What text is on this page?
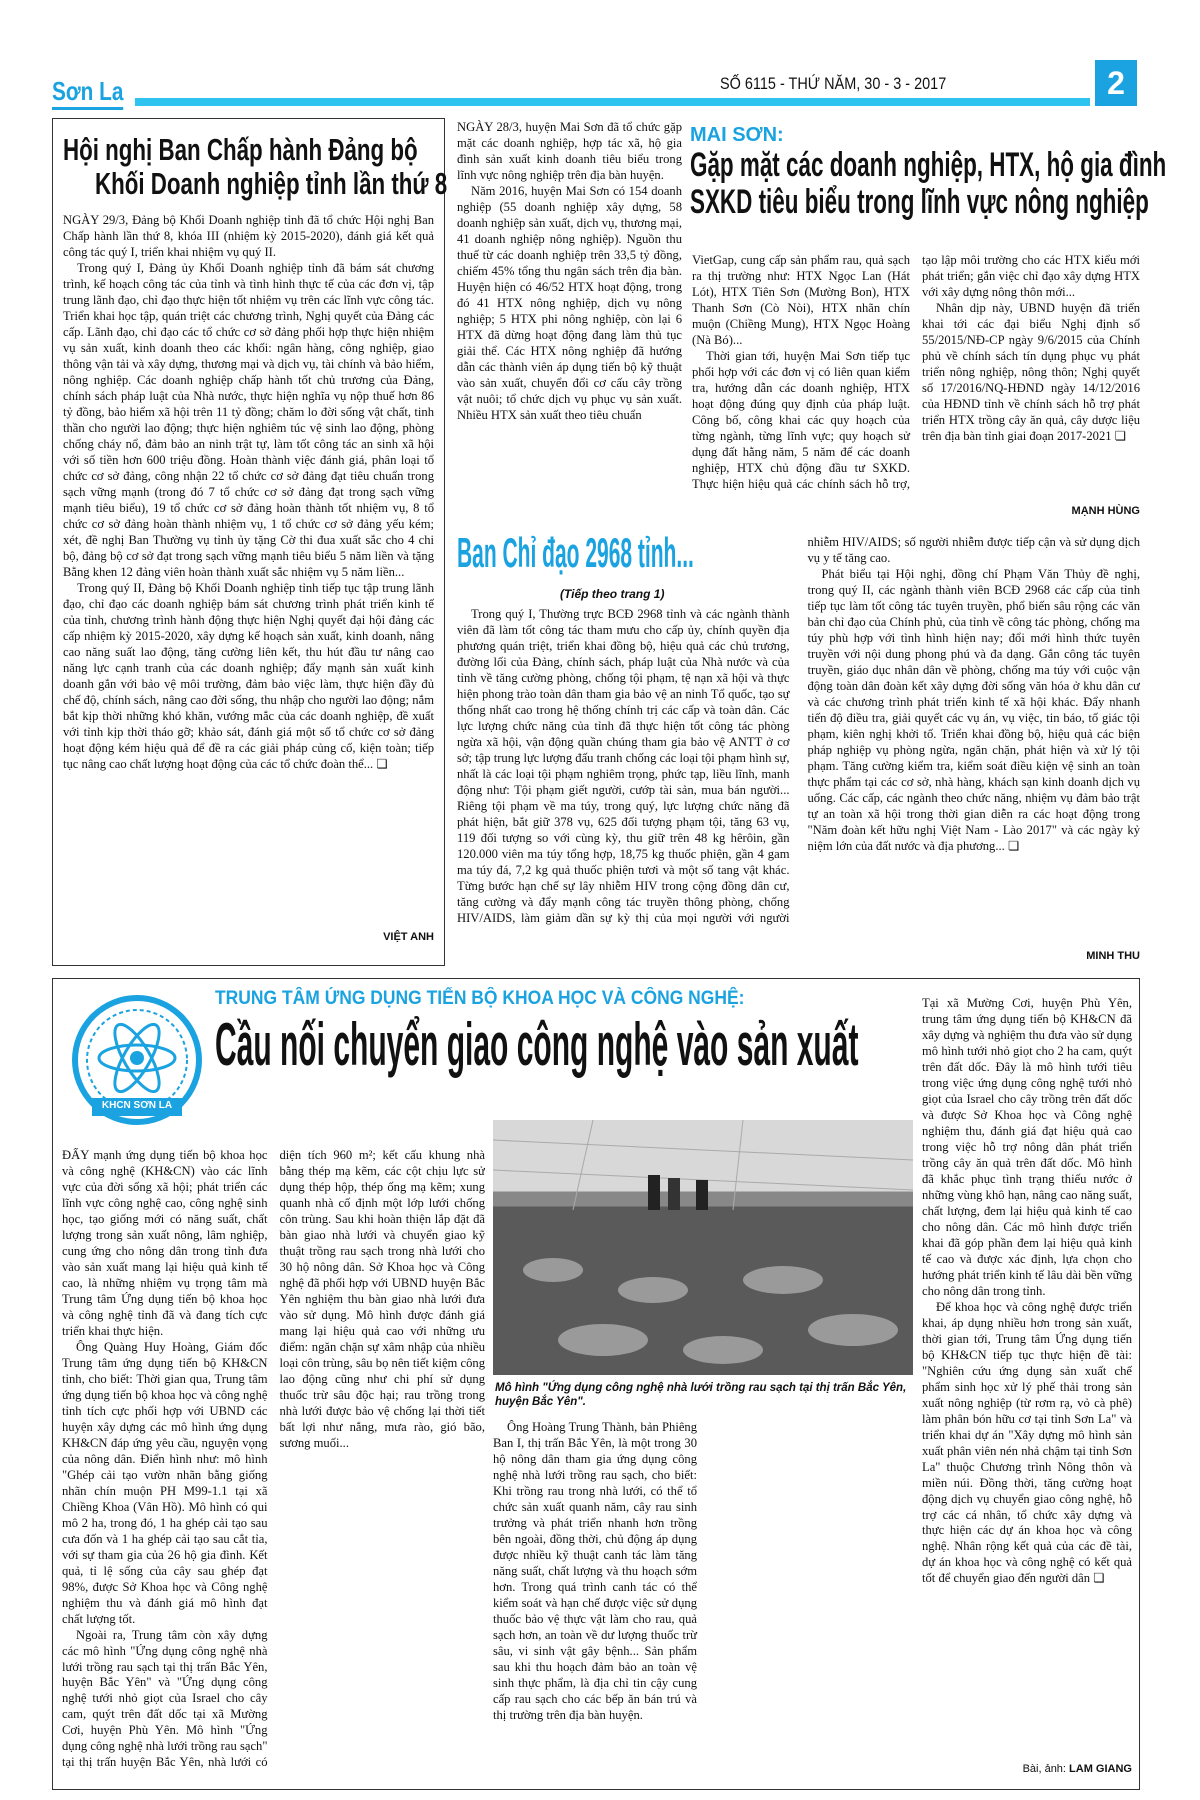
Sơn La	SỐ 6115 - THỨ NĂM, 30 - 3 - 2017	2
Hội nghị Ban Chấp hành Đảng bộ
Khối Doanh nghiệp tỉnh lần thứ 8

NGÀY 29/3, Đảng bộ Khối Doanh nghiệp tỉnh đã tổ chức Hội nghị Ban Chấp hành lần thứ 8, khóa III (nhiệm kỳ 2015-2020), đánh giá kết quả công tác quý I, triển khai nhiệm vụ quý II.

Trong quý I, Đảng ủy Khối Doanh nghiệp tỉnh đã bám sát chương trình, kế hoạch công tác của tỉnh và tình hình thực tế của các đơn vị, tập trung lãnh đạo, chỉ đạo thực hiện tốt nhiệm vụ trên các lĩnh vực công tác. Triển khai học tập, quán triệt các chương trình, Nghị quyết của Đảng các cấp. Lãnh đạo, chỉ đạo các tổ chức cơ sở đảng phối hợp thực hiện nhiệm vụ sản xuất, kinh doanh theo các khối: ngân hàng, công nghiệp, giao thông vận tải và xây dựng, thương mại và dịch vụ, tài chính và bảo hiểm, nông nghiệp. Các doanh nghiệp chấp hành tốt chủ trương của Đảng, chính sách pháp luật của Nhà nước, thực hiện nghĩa vụ nộp thuế hơn 86 tỷ đồng, bảo hiểm xã hội trên 11 tỷ đồng; chăm lo đời sống vật chất, tinh thần cho người lao động; thực hiện nghiêm túc vệ sinh lao động, phòng chống cháy nổ, đảm bảo an ninh trật tự, làm tốt công tác an sinh xã hội với số tiền hơn 600 triệu đồng. Hoàn thành việc đánh giá, phân loại tổ chức cơ sở đảng, công nhận 22 tổ chức cơ sở đảng đạt tiêu chuẩn trong sạch vững mạnh (trong đó 7 tổ chức cơ sở đảng đạt trong sạch vững mạnh tiêu biểu), 19 tổ chức cơ sở đảng hoàn thành tốt nhiệm vụ, 8 tổ chức cơ sở đảng hoàn thành nhiệm vụ, 1 tổ chức cơ sở đảng yếu kém; xét, đề nghị Ban Thường vụ tỉnh ủy tặng Cờ thi đua xuất sắc cho 4 chi bộ, đảng bộ cơ sở đạt trong sạch vững mạnh tiêu biểu 5 năm liền và tặng Bằng khen 12 đảng viên hoàn thành xuất sắc nhiệm vụ 5 năm liền...

Trong quý II, Đảng bộ Khối Doanh nghiệp tỉnh tiếp tục tập trung lãnh đạo, chỉ đạo các doanh nghiệp bám sát chương trình phát triển kinh tế của tỉnh, chương trình hành động thực hiện Nghị quyết đại hội đảng các cấp nhiệm kỳ 2015-2020, xây dựng kế hoạch sản xuất, kinh doanh, nâng cao năng suất lao động, tăng cường liên kết, thu hút đầu tư nâng cao năng lực cạnh tranh của các doanh nghiệp; đẩy mạnh sản xuất kinh doanh gắn với bảo vệ môi trường, đảm bảo việc làm, thực hiện đầy đủ chế độ, chính sách, nâng cao đời sống, thu nhập cho người lao động; nắm bắt kịp thời những khó khăn, vướng mắc của các doanh nghiệp, đề xuất với tỉnh kịp thời tháo gỡ; khảo sát, đánh giá một số tổ chức cơ sở đảng hoạt động kém hiệu quả để đề ra các giải pháp củng cố, kiện toàn; tiếp tục nâng cao chất lượng hoạt động của các tổ chức đoàn thể... ❏

VIỆT ANH

NGÀY 28/3, huyện Mai Sơn đã tổ chức gặp mặt các doanh nghiệp, hợp tác xã, hộ gia đình sản xuất kinh doanh tiêu biểu trong lĩnh vực nông nghiệp trên địa bàn huyện.

Năm 2016, huyện Mai Sơn có 154 doanh nghiệp (55 doanh nghiệp xây dựng, 58 doanh nghiệp sản xuất, dịch vụ, thương mại, 41 doanh nghiệp nông nghiệp). Nguồn thu thuế từ các doanh nghiệp trên 33,5 tỷ đồng, chiếm 45% tổng thu ngân sách trên địa bàn. Huyện hiện có 46/52 HTX hoạt động, trong đó 41 HTX nông nghiệp, dịch vụ nông nghiệp; 5 HTX phi nông nghiệp, còn lại 6 HTX đã dừng hoạt động đang làm thủ tục giải thể. Các HTX nông nghiệp đã hướng dẫn các thành viên áp dụng tiến bộ kỹ thuật vào sản xuất, chuyển đổi cơ cấu cây trồng vật nuôi; tổ chức dịch vụ phục vụ sản xuất. Nhiều HTX sản xuất theo tiêu chuẩn

MAI SƠN:
Gặp mặt các doanh nghiệp, HTX, hộ gia đình
SXKD tiêu biểu trong lĩnh vực nông nghiệp

VietGap, cung cấp sản phẩm rau, quả sạch ra thị trường như: HTX Ngọc Lan (Hát Lót), HTX Tiên Sơn (Mường Bon), HTX Thanh Sơn (Cò Nòi), HTX nhãn chín muộn (Chiềng Mung), HTX Ngọc Hoàng (Nà Bó)...

Thời gian tới, huyện Mai Sơn tiếp tục phối hợp với các đơn vị có liên quan kiểm tra, hướng dẫn các doanh nghiệp, HTX hoạt động đúng quy định của pháp luật. Công bố, công khai các quy hoạch của từng ngành, từng lĩnh vực; quy hoạch sử dụng đất hằng năm, 5 năm để các doanh nghiệp, HTX chủ động đầu tư SXKD. Thực hiện hiệu quả các chính sách hỗ trợ, tạo lập môi trường cho các HTX kiểu mới phát triển; gắn việc chỉ đạo xây dựng HTX với xây dựng nông thôn mới...

Nhân dịp này, UBND huyện đã triển khai tới các đại biểu Nghị định số 55/2015/NĐ-CP ngày 9/6/2015 của Chính phủ về chính sách tín dụng phục vụ phát triển nông nghiệp, nông thôn; Nghị quyết số 17/2016/NQ-HĐND ngày 14/12/2016 của HĐND tỉnh về chính sách hỗ trợ phát triển HTX trồng cây ăn quả, cây dược liệu trên địa bàn tỉnh giai đoạn 2017-2021 ❏

MẠNH HÙNG
Ban Chỉ đạo 2968 tỉnh...
(Tiếp theo trang 1)

Trong quý I, Thường trực BCĐ 2968 tỉnh và các ngành thành viên đã làm tốt công tác tham mưu cho cấp ủy, chính quyền địa phương quán triệt, triển khai đồng bộ, hiệu quả các chủ trương, đường lối của Đảng, chính sách, pháp luật của Nhà nước và của tỉnh về tăng cường phòng, chống tội phạm, tệ nạn xã hội và thực hiện phong trào toàn dân tham gia bảo vệ an ninh Tổ quốc, tạo sự thống nhất cao trong hệ thống chính trị các cấp và toàn dân. Các lực lượng chức năng của tỉnh đã thực hiện tốt công tác phòng ngừa xã hội, vận động quần chúng tham gia bảo vệ ANTT ở cơ sở; tập trung lực lượng đấu tranh chống các loại tội phạm hình sự, nhất là các loại tội phạm nghiêm trọng, phức tạp, liều lĩnh, manh động như: Tội phạm giết người, cướp tài sản, mua bán người... Riêng tội phạm về ma túy, trong quý, lực lượng chức năng đã phát hiện, bắt giữ 378 vụ, 625 đối tượng phạm tội, tăng 63 vụ, 119 đối tượng so với cùng kỳ, thu giữ trên 48 kg hêrôin, gần 120.000 viên ma túy tổng hợp, 18,75 kg thuốc phiện, gần 4 gam ma túy đá, 7,2 kg quả thuốc phiện tươi và một số tang vật khác. Từng bước hạn chế sự lây nhiễm HIV trong cộng đồng dân cư, tăng cường và đẩy mạnh công tác truyền thông phòng, chống HIV/AIDS, làm giảm dần sự kỳ thị của mọi người với người nhiễm HIV/AIDS; số người nhiễm được tiếp cận và sử dụng dịch vụ y tế tăng cao.

Phát biểu tại Hội nghị, đồng chí Phạm Văn Thủy đề nghị, trong quý II, các ngành thành viên BCĐ 2968 các cấp của tỉnh tiếp tục làm tốt công tác tuyên truyền, phổ biến sâu rộng các văn bản chỉ đạo của Chính phủ, của tỉnh về công tác phòng, chống ma túy phù hợp với tình hình hiện nay; đổi mới hình thức tuyên truyền với nội dung phong phú và đa dạng. Gắn công tác tuyên truyền, giáo dục nhân dân về phòng, chống ma túy với cuộc vận động toàn dân đoàn kết xây dựng đời sống văn hóa ở khu dân cư và các chương trình phát triển kinh tế xã hội khác. Đẩy nhanh tiến độ điều tra, giải quyết các vụ án, vụ việc, tin báo, tố giác tội phạm, kiên nghị khởi tố. Triển khai đồng bộ, hiệu quả các biện pháp nghiệp vụ phòng ngừa, ngăn chặn, phát hiện và xử lý tội phạm. Tăng cường kiểm tra, kiểm soát điều kiện vệ sinh an toàn thực phẩm tại các cơ sở, nhà hàng, khách sạn kinh doanh dịch vụ uống. Các cấp, các ngành theo chức năng, nhiệm vụ đảm bảo trật tự an toàn xã hội trong thời gian diễn ra các hoạt động trong "Năm đoàn kết hữu nghị Việt Nam - Lào 2017" và các ngày kỷ niệm lớn của đất nước và địa phương... ❏

MINH THU
KHCN SƠN LA
TRUNG TÂM ỨNG DỤNG TIẾN BỘ KHOA HỌC VÀ CÔNG NGHỆ:
Cầu nối chuyển giao công nghệ vào sản xuất
Mô hình "Ứng dụng công nghệ nhà lưới trồng rau sạch tại thị trấn Bắc Yên, huyện Bắc Yên".

ĐẨY mạnh ứng dụng tiến bộ khoa học và công nghệ (KH&CN) vào các lĩnh vực của đời sống xã hội; phát triển các lĩnh vực công nghệ cao, công nghệ sinh học, tạo giống mới có năng suất, chất lượng trong sản xuất nông, lâm nghiệp, cung ứng cho nông dân trong tỉnh đưa vào sản xuất mang lại hiệu quả kinh tế cao, là những nhiệm vụ trọng tâm mà Trung tâm Ứng dụng tiến bộ khoa học và công nghệ tỉnh đã và đang tích cực triển khai thực hiện.

Ông Quàng Huy Hoàng, Giám đốc Trung tâm ứng dụng tiến bộ KH&CN tỉnh, cho biết: Thời gian qua, Trung tâm ứng dụng tiến bộ khoa học và công nghệ tỉnh tích cực phối hợp với UBND các huyện xây dựng các mô hình ứng dụng KH&CN đáp ứng yêu cầu, nguyện vọng của nông dân. Điển hình như: mô hình "Ghép cải tạo vườn nhãn bằng giống nhãn chín muộn PH M99-1.1 tại xã Chiềng Khoa (Vân Hồ). Mô hình có qui mô 2 ha, trong đó, 1 ha ghép cải tạo sau cưa đốn và 1 ha ghép cải tạo sau cắt tỉa, với sự tham gia của 26 hộ gia đình. Kết quả, tỉ lệ sống của cây sau ghép đạt 98%, được Sở Khoa học và Công nghệ nghiệm thu và đánh giá mô hình đạt chất lượng tốt.

Ngoài ra, Trung tâm còn xây dựng các mô hình "Ứng dụng công nghệ nhà lưới trồng rau sạch tại thị trấn Bắc Yên, huyện Bắc Yên" và "Ứng dụng công nghệ tưới nhỏ giọt của Israel cho cây cam, quýt trên đất dốc tại xã Mường Cơi, huyện Phù Yên. Mô hình "Ứng dụng công nghệ nhà lưới trồng rau sạch" tại thị trấn huyện Bắc Yên, nhà lưới có diện tích 960 m²; kết cấu khung nhà bằng thép mạ kẽm, các cột chịu lực sử dụng thép hộp, thép ống mạ kẽm; xung quanh nhà cố định một lớp lưới chống côn trùng. Sau khi hoàn thiện lắp đặt đã bàn giao nhà lưới và chuyển giao kỹ thuật trồng rau sạch trong nhà lưới cho 30 hộ nông dân. Sở Khoa học và Công nghệ đã phối hợp với UBND huyện Bắc Yên nghiệm thu bàn giao nhà lưới đưa vào sử dụng. Mô hình được đánh giá mang lại hiệu quả cao với những ưu điểm: ngăn chặn sự xâm nhập của nhiều loại côn trùng, sâu bọ nên tiết kiệm công lao động cũng như chi phí sử dụng thuốc trừ sâu độc hại; rau trồng trong nhà lưới được bảo vệ chống lại thời tiết bất lợi như nắng, mưa rào, gió bão, sương muối...

Ông Hoàng Trung Thành, bản Phiêng Ban I, thị trấn Bắc Yên, là một trong 30 hộ nông dân tham gia ứng dụng công nghệ nhà lưới trồng rau sạch, cho biết: Khi trồng rau trong nhà lưới, có thể tổ chức sản xuất quanh năm, cây rau sinh trưởng và phát triển nhanh hơn trồng bên ngoài, đồng thời, chủ động áp dụng được nhiều kỹ thuật canh tác làm tăng năng suất, chất lượng và thu hoạch sớm hơn. Trong quá trình canh tác có thể kiểm soát và hạn chế được việc sử dụng thuốc bảo vệ thực vật làm cho rau, quả sạch hơn, an toàn về dư lượng thuốc trừ sâu, vi sinh vật gây bệnh... Sản phẩm sau khi thu hoạch đảm bảo an toàn vệ sinh thực phẩm, là địa chỉ tin cậy cung cấp rau sạch cho các bếp ăn bán trú và thị trường trên địa bàn huyện.

Tại xã Mường Cơi, huyện Phù Yên, trung tâm ứng dụng tiến bộ KH&CN đã xây dựng và nghiệm thu đưa vào sử dụng mô hình tưới nhỏ giọt cho 2 ha cam, quýt trên đất dốc. Đây là mô hình tưới tiêu trong việc ứng dụng công nghệ tưới nhỏ giọt của Israel cho cây trồng trên đất dốc và được Sở Khoa học và Công nghệ nghiệm thu, đánh giá đạt hiệu quả cao trong việc hỗ trợ nông dân phát triển trồng cây ăn quả trên đất dốc. Mô hình đã khắc phục tình trạng thiếu nước ở những vùng khô hạn, nâng cao năng suất, chất lượng, đem lại hiệu quả kinh tế cao cho nông dân. Các mô hình được triển khai đã góp phần đem lại hiệu quả kinh tế cao và được xác định, lựa chọn cho hướng phát triển kinh tế lâu dài bền vững cho nông dân trong tỉnh.

Để khoa học và công nghệ được triển khai, áp dụng nhiều hơn trong sản xuất, thời gian tới, Trung tâm Ứng dụng tiến bộ KH&CN tiếp tục thực hiện đề tài: "Nghiên cứu ứng dụng sản xuất chế phẩm sinh học xử lý phế thải trong sản xuất nông nghiệp (từ rơm rạ, vỏ cà phê) làm phân bón hữu cơ tại tỉnh Sơn La" và triển khai dự án "Xây dựng mô hình sản xuất phân viên nén nhả chậm tại tỉnh Sơn La" thuộc Chương trình Nông thôn và miền núi. Đồng thời, tăng cường hoạt động dịch vụ chuyển giao công nghệ, hỗ trợ các cá nhân, tổ chức xây dựng và thực hiện các dự án khoa học và công nghệ. Nhân rộng kết quả của các đề tài, dự án khoa học và công nghệ có kết quả tốt để chuyển giao đến người dân ❏

Bài, ảnh: LAM GIANG
